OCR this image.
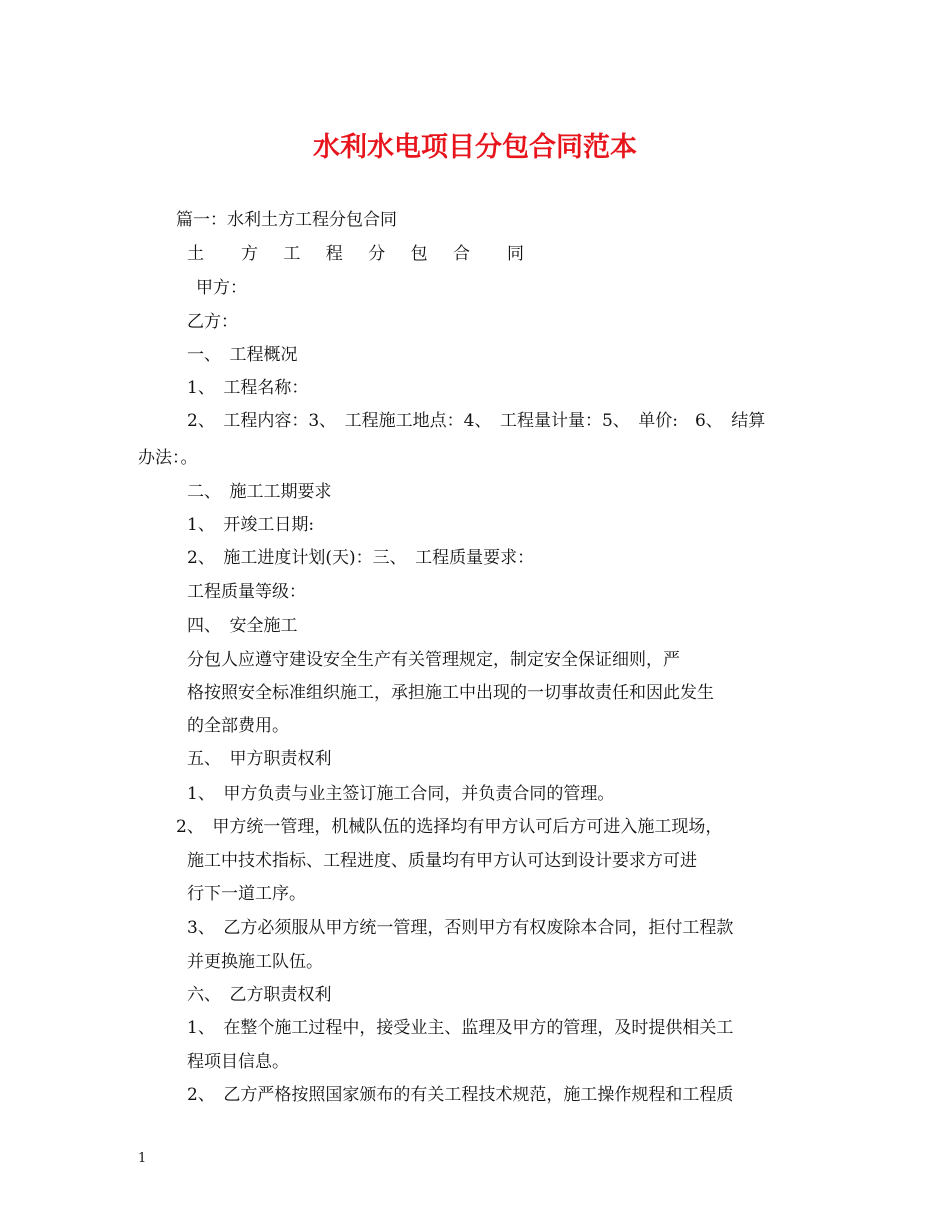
水利水电项目分包合同范本

篇一：水利土方工程分包合同

土　方 工 程 分 包 合　同

甲方：

乙方：

一、　工程概况

1、　工程名称：

2、　工程内容：3、　工程施工地点：4、　工程量计量：5、　单价:　6、　结算

办法：。

二、　施工工期要求

1、　开竣工日期:

2、　施工进度计划(天)：三、　工程质量要求：

工程质量等级：

四、　安全施工

分包人应遵守建设安全生产有关管理规定，制定安全保证细则，严

格按照安全标准组织施工，承担施工中出现的一切事故责任和因此发生

的全部费用。

五、　甲方职责权利

1、　甲方负责与业主签订施工合同，并负责合同的管理。

2、　甲方统一管理，机械队伍的选择均有甲方认可后方可进入施工现场，

施工中技术指标、工程进度、质量均有甲方认可达到设计要求方可进

行下一道工序。

3、　乙方必须服从甲方统一管理，否则甲方有权废除本合同，拒付工程款

并更换施工队伍。

六、　乙方职责权利

1、　在整个施工过程中，接受业主、监理及甲方的管理，及时提供相关工

程项目信息。

2、　乙方严格按照国家颁布的有关工程技术规范，施工操作规程和工程质

1
